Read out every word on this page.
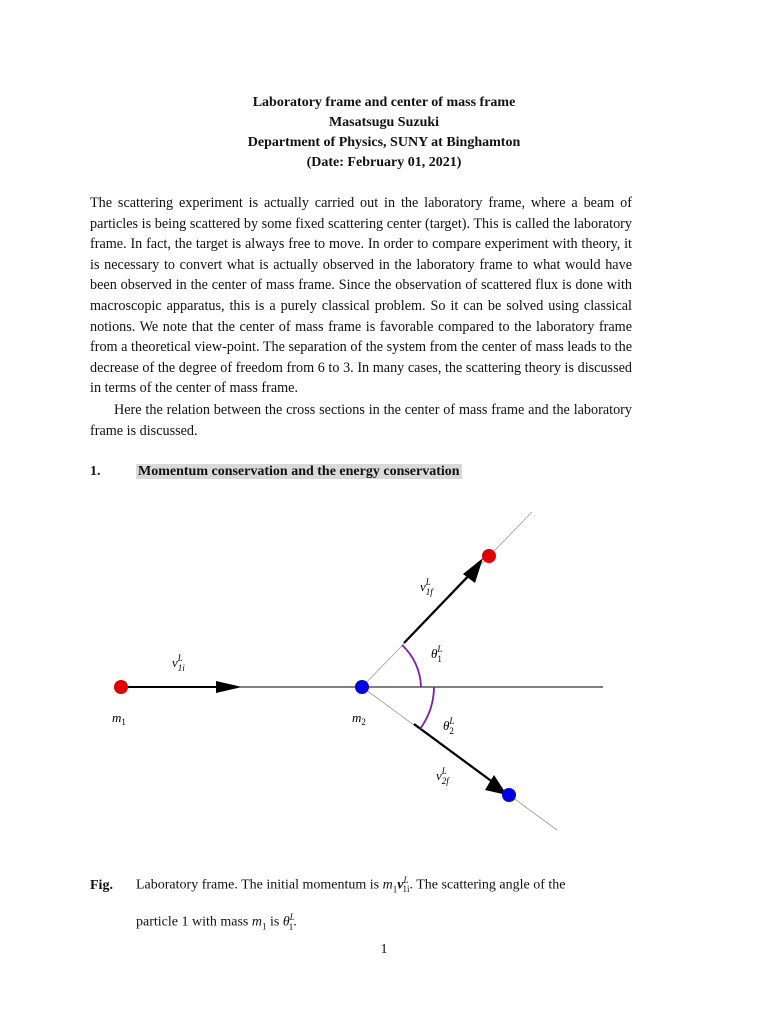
Laboratory frame and center of mass frame
Masatsugu Suzuki
Department of Physics, SUNY at Binghamton
(Date: February 01, 2021)

The scattering experiment is actually carried out in the laboratory frame, where a beam of particles is being scattered by some fixed scattering center (target). This is called the laboratory frame. In fact, the target is always free to move. In order to compare experiment with theory, it is necessary to convert what is actually observed in the laboratory frame to what would have been observed in the center of mass frame. Since the observation of scattered flux is done with macroscopic apparatus, this is a purely classical problem. So it can be solved using classical notions. We note that the center of mass frame is favorable compared to the laboratory frame from a theoretical view-point. The separation of the system from the center of mass leads to the decrease of the degree of freedom from 6 to 3. In many cases, the scattering theory is discussed in terms of the center of mass frame.

Here the relation between the cross sections in the center of mass frame and the laboratory frame is discussed.

1.	Momentum conservation and the energy conservation
$m_1$	$m_2$
$v^L$ 1i
$v^L$ 1f
$v^L$ 2f
$\theta^L$ 1
$\theta^L$ 2
Fig. Laboratory frame. The initial momentum is $m_1v^L_{1i}$. The scattering angle of the
particle 1 with mass $m_1$ is $\theta^L_1$.
1
